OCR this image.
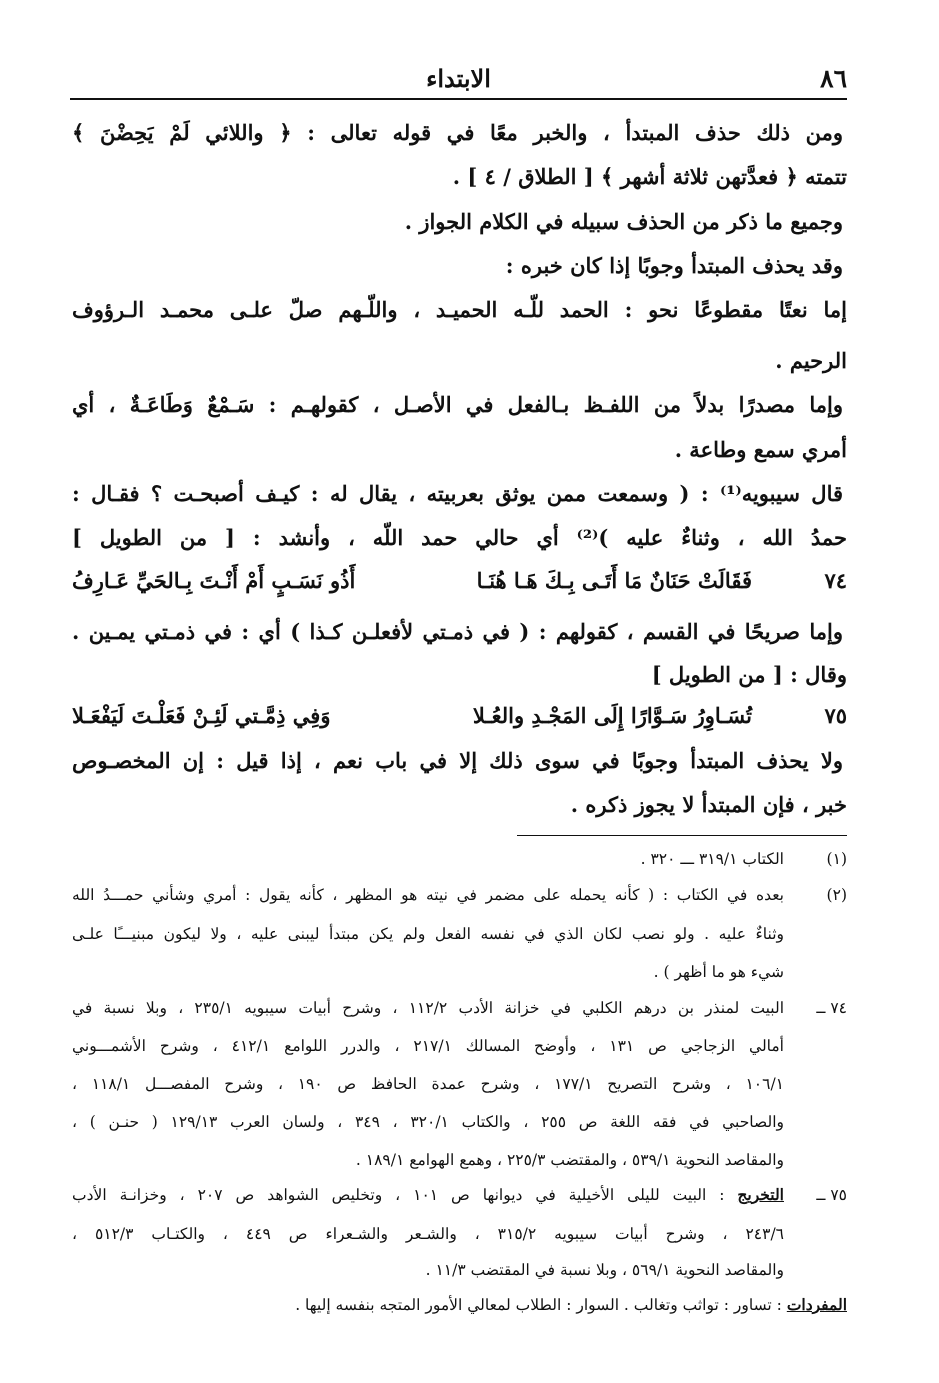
٨٦
الابتداء
ومن ذلك حذف المبتدأ ، والخبر معًا في قوله تعالى : ﴿ واللائي لَمْ يَحِضْنَ ﴾
تتمته ﴿ فعدَّتهن ثلاثة أشهر ﴾ [ الطلاق / ٤ ] .
وجميع ما ذكر من الحذف سبيله في الكلام الجواز .
وقد يحذف المبتدأ وجوبًا إذا كان خبره :
إما نعتًا مقطوعًا نحو : الحمد للّـه الحميـد ، واللّـهم صلّ علـى محمـد الـرؤوف
الرحيم .
وإما مصدرًا بدلاً من اللفـظ بـالفعل في الأصـل ، كقولهـم : سَـمْعٌ وَطَاعَـةٌ ، أي
أمري سمع وطاعة .
قال سيبويه⁽¹⁾ : ( وسمعت ممن يوثق بعربيته ، يقال له : كيـف أصبحـت ؟ فقـال :
حمدُ الله ، وثناءٌ عليه )⁽²⁾ أي حالي حمد اللّه ، وأنشد : [ من الطويل ]
٧٤
فَقَالَتْ حَنَانٌ مَا أَتَـى بِـكَ هَـا هُنَـا
أَذُو نَسَـبٍ أَمْ أَنْـتَ بِـالحَيِّ عَـارِفُ
وإما صريحًا في القسم ، كقولهم : ( في ذمـتي لأفعلـن كـذا ) أي : في ذمـتي يمـين .
وقال : [ من الطويل ]
٧٥
تُسَـاوِرُ سَـوَّارًا إِلَى المَجْـدِ والعُـلا
وَفِي ذِمَّـتي لَئِـنْ فَعَلْـتَ لَيَفْعَـلا
ولا يحذف المبتدأ وجوبًا في سوى ذلك إلا في باب نعم ، إذا قيل : إن المخصـوص
خبر ، فإن المبتدأ لا يجوز ذكره .
(١)
الكتاب ٣١٩/١ ـــ ٣٢٠ .
(٢)
بعده في الكتاب : ( كأنه يحمله على مضمر في نيته هو المظهر ، كأنه يقول : أمري وشأني حمـــدُ الله
وثناءٌ عليه . ولو نصب لكان الذي في نفسه الفعل ولم يكن مبتدأ ليبنى عليه ، ولا ليكون مبنيـــًا علـى
شيء هو ما أظهر ) .
٧٤ ــ
البيت لمنذر بن درهم الكلبي في خزانة الأدب ١١٢/٢ ، وشرح أبيات سيبويه ٢٣٥/١ ، وبلا نسبة في
أمالي الزجاجي ص ١٣١ ، وأوضح المسالك ٢١٧/١ ، والدرر اللوامع ٤١٢/١ ، وشرح الأشمـــوني
١٠٦/١ ، وشرح التصريح ١٧٧/١ ، وشرح عمدة الحافظ ص ١٩٠ ، وشرح المفصـــل ١١٨/١ ،
والصاحبي في فقه اللغة ص ٢٥٥ ، والكتاب ٣٢٠/١ ، ٣٤٩ ، ولسان العرب ١٢٩/١٣ ( حنـن ) ،
والمقاصد النحوية ٥٣٩/١ ، والمقتضب ٢٢٥/٣ ، وهمع الهوامع ١٨٩/١ .
٧٥ ــ
التخريج : البيت لليلى الأخيلية في ديوانها ص ١٠١ ، وتخليص الشواهد ص ٢٠٧ ، وخزانـة الأدب
٢٤٣/٦ ، وشرح أبيات سيبويه ٣١٥/٢ ، والشـعر والشـعراء ص ٤٤٩ ، والكتـاب ٥١٢/٣ ،
والمقاصد النحوية ٥٦٩/١ ، وبلا نسبة في المقتضب ١١/٣ .
المفردات : تساور : تواثب وتغالب . السوار : الطلاب لمعالي الأمور المتجه بنفسه إليها .
